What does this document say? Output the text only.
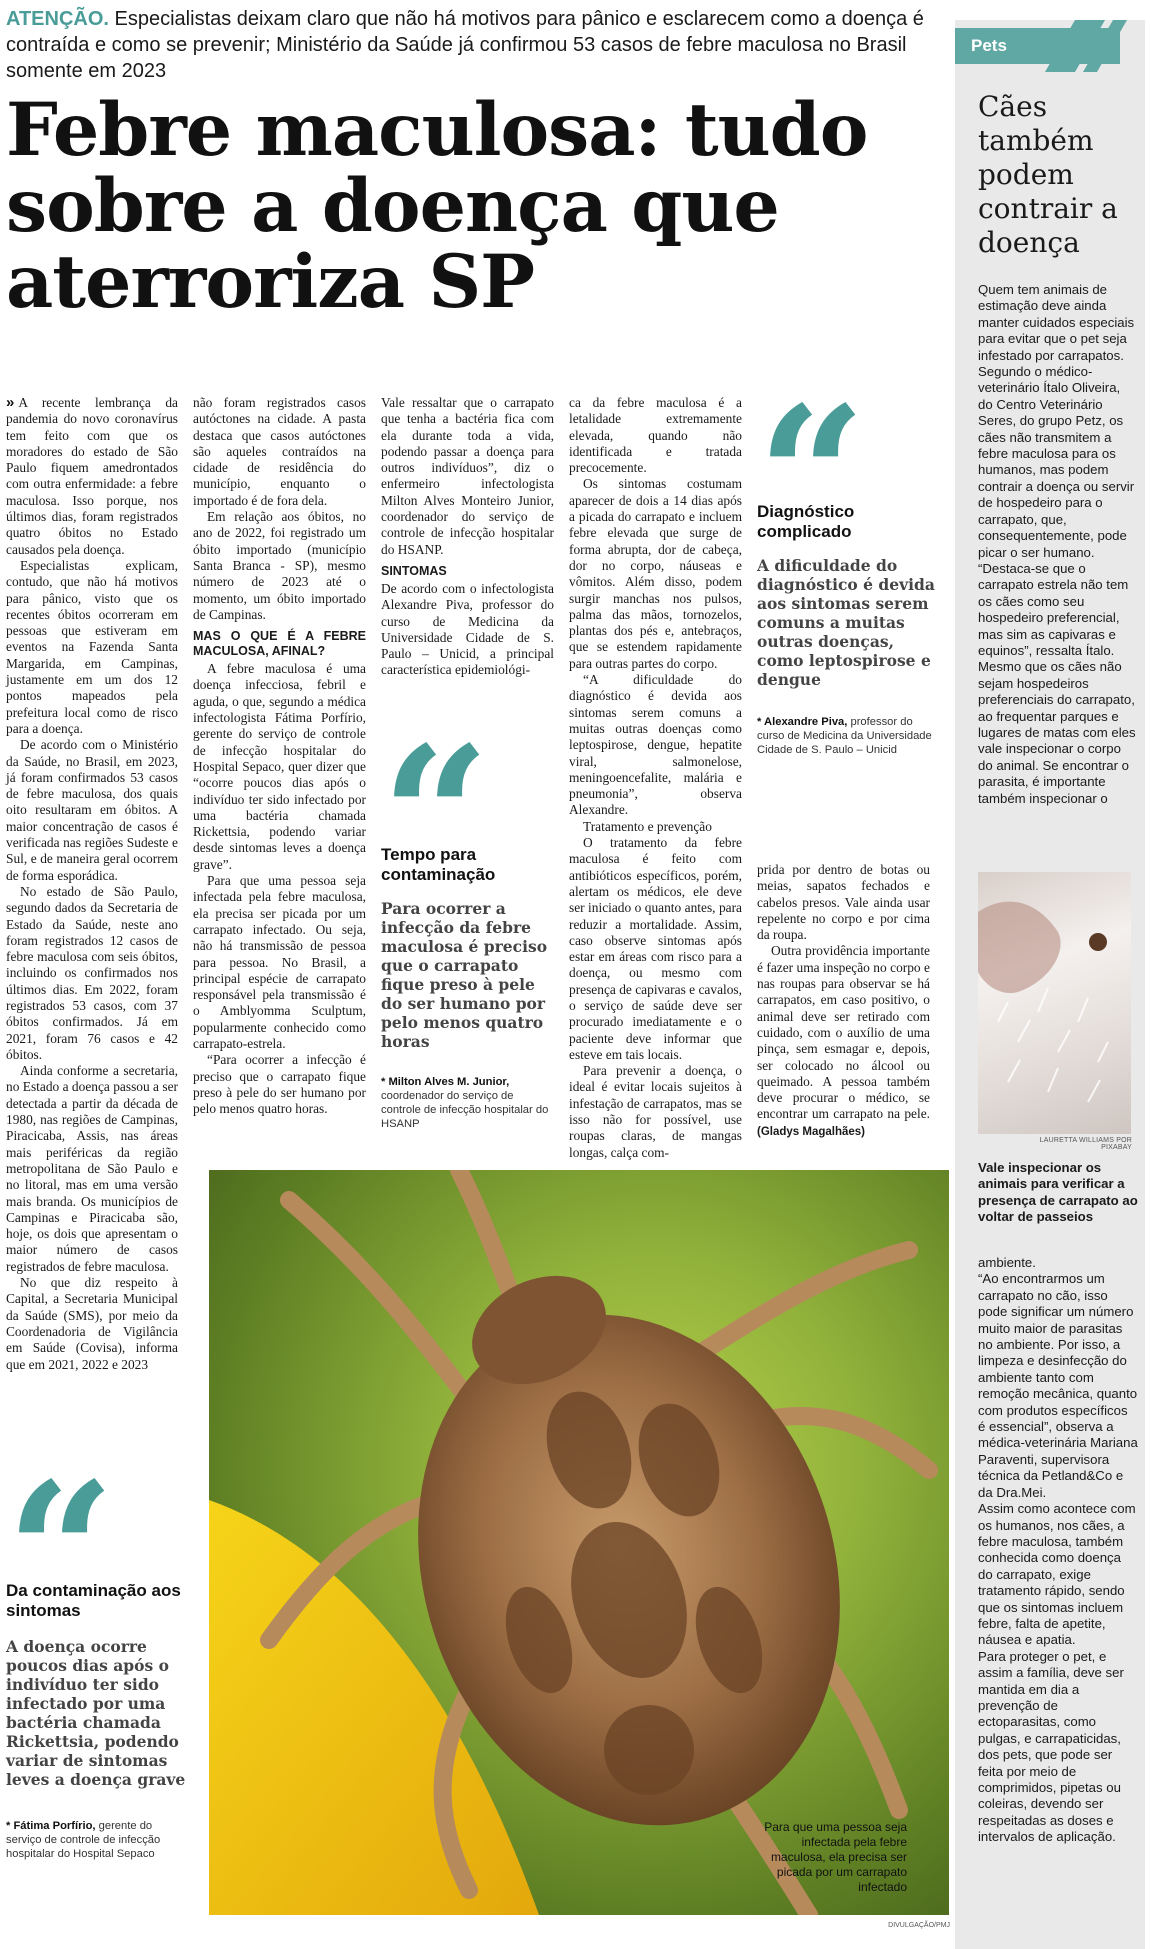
ATENÇÃO. Especialistas deixam claro que não há motivos para pânico e esclarecem como a doença é contraída e como se prevenir; Ministério da Saúde já confirmou 53 casos de febre maculosa no Brasil somente em 2023
Febre maculosa: tudo sobre a doença que aterroriza SP

» A recente lembrança da pandemia do novo coronavírus tem feito com que os moradores do estado de São Paulo fiquem amedrontados com outra enfermidade: a febre maculosa. Isso porque, nos últimos dias, foram registrados quatro óbitos no Estado causados pela doença.

Especialistas explicam, contudo, que não há motivos para pânico, visto que os recentes óbitos ocorreram em pessoas que estiveram em eventos na Fazenda Santa Margarida, em Campinas, justamente em um dos 12 pontos mapeados pela prefeitura local como de risco para a doença.

De acordo com o Ministério da Saúde, no Brasil, em 2023, já foram confirmados 53 casos de febre maculosa, dos quais oito resultaram em óbitos. A maior concentração de casos é verificada nas regiões Sudeste e Sul, e de maneira geral ocorrem de forma esporádica.

No estado de São Paulo, segundo dados da Secretaria de Estado da Saúde, neste ano foram registrados 12 casos de febre maculosa com seis óbitos, incluindo os confirmados nos últimos dias. Em 2022, foram registrados 53 casos, com 37 óbitos confirmados. Já em 2021, foram 76 casos e 42 óbitos.

Ainda conforme a secretaria, no Estado a doença passou a ser detectada a partir da década de 1980, nas regiões de Campinas, Piracicaba, Assis, nas áreas mais periféricas da região metropolitana de São Paulo e no litoral, mas em uma versão mais branda. Os municípios de Campinas e Piracicaba são, hoje, os dois que apresentam o maior número de casos registrados de febre maculosa.

No que diz respeito à Capital, a Secretaria Municipal da Saúde (SMS), por meio da Coordenadoria de Vigilância em Saúde (Covisa), informa que em 2021, 2022 e 2023

não foram registrados casos autóctones na cidade. A pasta destaca que casos autóctones são aqueles contraídos na cidade de residência do município, enquanto o importado é de fora dela.

Em relação aos óbitos, no ano de 2022, foi registrado um óbito importado (município Santa Branca - SP), mesmo número de 2023 até o momento, um óbito importado de Campinas.

MAS O QUE É A FEBRE MACULOSA, AFINAL?

A febre maculosa é uma doença infecciosa, febril e aguda, o que, segundo a médica infectologista Fátima Porfírio, gerente do serviço de controle de infecção hospitalar do Hospital Sepaco, quer dizer que “ocorre poucos dias após o indivíduo ter sido infectado por uma bactéria chamada Rickettsia, podendo variar desde sintomas leves a doença grave”.

Para que uma pessoa seja infectada pela febre maculosa, ela precisa ser picada por um carrapato infectado. Ou seja, não há transmissão de pessoa para pessoa. No Brasil, a principal espécie de carrapato responsável pela transmissão é o Amblyomma Sculptum, popularmente conhecido como carrapato-estrela.

“Para ocorrer a infecção é preciso que o carrapato fique preso à pele do ser humano por pelo menos quatro horas.

Vale ressaltar que o carrapato que tenha a bactéria fica com ela durante toda a vida, podendo passar a doença para outros indivíduos”, diz o enfermeiro infectologista Milton Alves Monteiro Junior, coordenador do serviço de controle de infecção hospitalar do HSANP.

SINTOMAS

De acordo com o infectologista Alexandre Piva, professor do curso de Medicina da Universidade Cidade de S. Paulo – Unicid, a principal característica epidemiológi-

Tempo para contaminação
Para ocorrer a infecção da febre maculosa é preciso que o carrapato fique preso à pele do ser humano por pelo menos quatro horas
* Milton Alves M. Junior, coordenador do serviço de controle de infecção hospitalar do HSANP

ca da febre maculosa é a letalidade extremamente elevada, quando não identificada e tratada precocemente.

Os sintomas costumam aparecer de dois a 14 dias após a picada do carrapato e incluem febre elevada que surge de forma abrupta, dor de cabeça, dor no corpo, náuseas e vômitos. Além disso, podem surgir manchas nos pulsos, palma das mãos, tornozelos, plantas dos pés e, antebraços, que se estendem rapidamente para outras partes do corpo.

“A dificuldade do diagnóstico é devida aos sintomas serem comuns a muitas outras doenças como leptospirose, dengue, hepatite viral, salmonelose, meningoencefalite, malária e pneumonia”, observa Alexandre.

Tratamento e prevenção

O tratamento da febre maculosa é feito com antibióticos específicos, porém, alertam os médicos, ele deve ser iniciado o quanto antes, para reduzir a mortalidade. Assim, caso observe sintomas após estar em áreas com risco para a doença, ou mesmo com presença de capivaras e cavalos, o serviço de saúde deve ser procurado imediatamente e o paciente deve informar que esteve em tais locais.

Para prevenir a doença, o ideal é evitar locais sujeitos à infestação de carrapatos, mas se isso não for possível, use roupas claras, de mangas longas, calça com-

Diagnóstico complicado
A dificuldade do diagnóstico é devida aos sintomas serem comuns a muitas outras doenças, como leptospirose e dengue
* Alexandre Piva, professor do curso de Medicina da Universidade Cidade de S. Paulo – Unicid

prida por dentro de botas ou meias, sapatos fechados e cabelos presos. Vale ainda usar repelente no corpo e por cima da roupa.

Outra providência importante é fazer uma inspeção no corpo e nas roupas para observar se há carrapatos, em caso positivo, o animal deve ser retirado com cuidado, com o auxílio de uma pinça, sem esmagar e, depois, ser colocado no álcool ou queimado. A pessoa também deve procurar o médico, se encontrar um carrapato na pele. (Gladys Magalhães)

Da contaminação aos sintomas
A doença ocorre poucos dias após o indivíduo ter sido infectado por uma bactéria chamada Rickettsia, podendo variar de sintomas leves a doença grave
* Fátima Porfírio, gerente do serviço de controle de infecção hospitalar do Hospital Sepaco
Para que uma pessoa seja infectada pela febre maculosa, ela precisa ser picada por um carrapato infectado
DIVULGAÇÃO/PMJ
Pets
Cães também podem contrair a doença

Quem tem animais de estimação deve ainda manter cuidados especiais para evitar que o pet seja infestado por carrapatos. Segundo o médico-veterinário Ítalo Oliveira, do Centro Veterinário Seres, do grupo Petz, os cães não transmitem a febre maculosa para os humanos, mas podem contrair a doença ou servir de hospedeiro para o carrapato, que, consequentemente, pode picar o ser humano. “Destaca-se que o carrapato estrela não tem os cães como seu hospedeiro preferencial, mas sim as capivaras e equinos”, ressalta Ítalo.

Mesmo que os cães não sejam hospedeiros preferenciais do carrapato, ao frequentar parques e lugares de matas com eles vale inspecionar o corpo do animal. Se encontrar o parasita, é importante também inspecionar o

LAURETTA WILLIAMS POR PIXABAY
Vale inspecionar os animais para verificar a presença de carrapato ao voltar de passeios

ambiente.

“Ao encontrarmos um carrapato no cão, isso pode significar um número muito maior de parasitas no ambiente. Por isso, a limpeza e desinfecção do ambiente tanto com remoção mecânica, quanto com produtos específicos é essencial”, observa a médica-veterinária Mariana Paraventi, supervisora técnica da Petland&Co e da Dra.Mei.

Assim como acontece com os humanos, nos cães, a febre maculosa, também conhecida como doença do carrapato, exige tratamento rápido, sendo que os sintomas incluem febre, falta de apetite, náusea e apatia.

Para proteger o pet, e assim a família, deve ser mantida em dia a prevenção de ectoparasitas, como pulgas, e carrapaticidas, dos pets, que pode ser feita por meio de comprimidos, pipetas ou coleiras, devendo ser respeitadas as doses e intervalos de aplicação.
